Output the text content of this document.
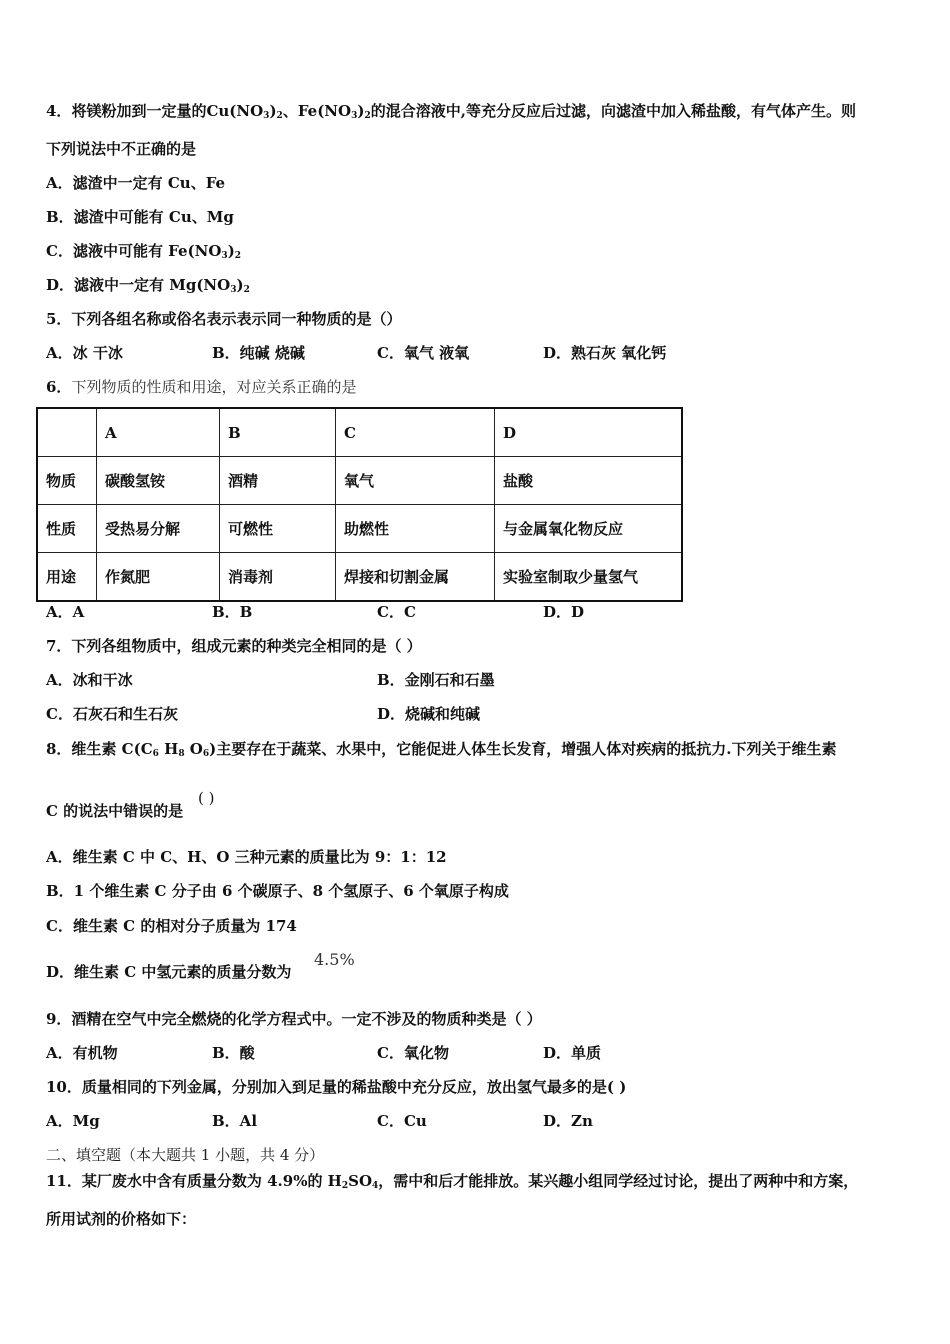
4．将镁粉加到一定量的$Cu(NO_3)_2$、$Fe(NO_3)_2$的混合溶液中,等充分反应后过滤，向滤渣中加入稀盐酸，有气体产生。则
下列说法中不正确的是
A．滤渣中一定有 Cu、Fe
B．滤渣中可能有 Cu、Mg
C．滤液中可能有 $Fe(NO_3)_2$
D．滤液中一定有 $Mg(NO_3)_2$
5．下列各组名称或俗名表示表示同一种物质的是（）
A．冰 干冰	B．纯碱 烧碱	C．氧气 液氧	D．熟石灰 氧化钙
6．下列物质的性质和用途，对应关系正确的是
	A	B	C	D
物质	碳酸氢铵	酒精	氧气	盐酸
性质	受热易分解	可燃性	助燃性	与金属氧化物反应
用途	作氮肥	消毒剂	焊接和切割金属	实验室制取少量氢气
A．A	B．B	C．C	D．D
7．下列各组物质中，组成元素的种类完全相同的是（ ）
A．冰和干冰	B．金刚石和石墨
C．石灰石和生石灰	D．烧碱和纯碱
8．维生素 $C(C_6$ $H_8$ $O_6$)主要存在于蔬菜、水果中，它能促进人体生长发育，增强人体对疾病的抵抗力.下列关于维生素
C 的说法中错误的是
( )
A．维生素 C 中 C、H、O 三种元素的质量比为 9：1：12
B．1 个维生素 C 分子由 6 个碳原子、8 个氢原子、6 个氧原子构成
C．维生素 C 的相对分子质量为 174
D．维生素 C 中氢元素的质量分数为
4.5%
9．酒精在空气中完全燃烧的化学方程式中。一定不涉及的物质种类是（ ）
A．有机物	B．酸	C．氧化物	D．单质
10．质量相同的下列金属，分别加入到足量的稀盐酸中充分反应，放出氢气最多的是( )
A．Mg	B．Al	C．Cu	D．Zn
二、填空题（本大题共 1 小题，共 4 分）
11．某厂废水中含有质量分数为 4.9%的 $H_2SO_4$，需中和后才能排放。某兴趣小组同学经过讨论，提出了两种中和方案，
所用试剂的价格如下：
